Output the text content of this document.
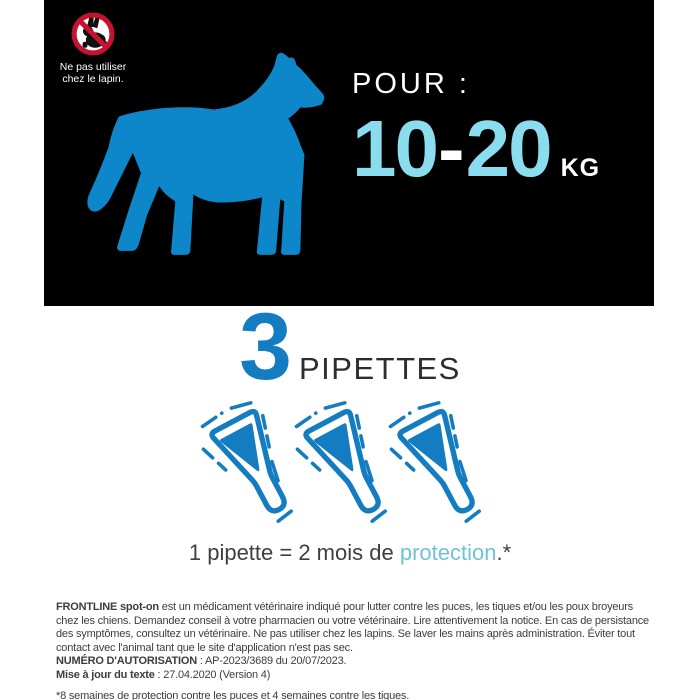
Ne pas utiliser
chez le lapin.	POUR :
10 - 20 KG
3 PIPETTES
1 pipette = 2 mois de protection.*
FRONTLINE spot-on est un médicament vétérinaire indiqué pour lutter contre les puces, les tiques et/ou les poux broyeurs chez les chiens. Demandez conseil à votre pharmacien ou votre vétérinaire. Lire attentivement la notice. En cas de persistance des symptômes, consultez un vétérinaire. Ne pas utiliser chez les lapins. Se laver les mains après administration. Éviter tout contact avec l'animal tant que le site d'application n'est pas sec.
NUMÉRO D'AUTORISATION : AP-2023/3689 du 20/07/2023.
Mise à jour du texte : 27.04.2020 (Version 4)
*8 semaines de protection contre les puces et 4 semaines contre les tiques.
